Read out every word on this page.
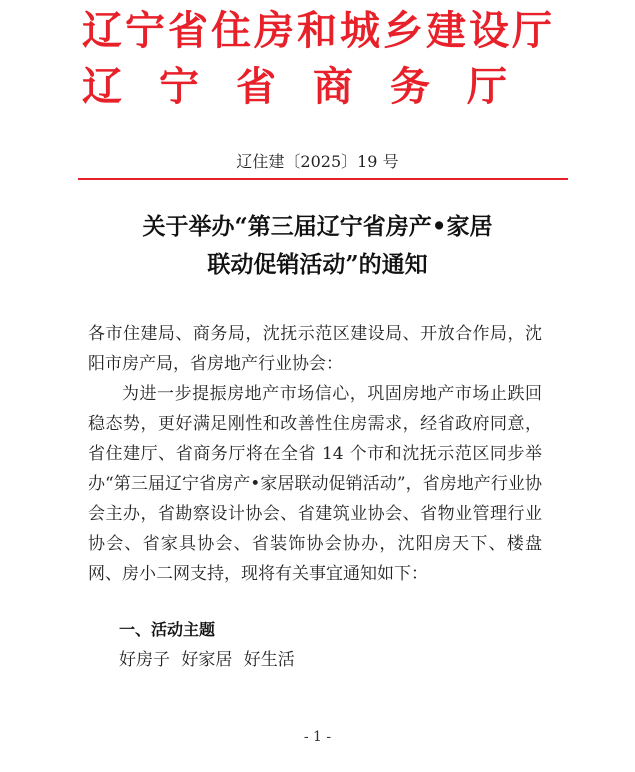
辽宁省住房和城乡建设厅
辽宁省商务厅
辽住建〔2025〕19 号
关于举办“第三届辽宁省房产•家居
联动促销活动”的通知
各市住建局、商务局，沈抚示范区建设局、开放合作局，沈阳市房产局，省房地产行业协会：
为进一步提振房地产市场信心，巩固房地产市场止跌回稳态势，更好满足刚性和改善性住房需求，经省政府同意，省住建厅、省商务厅将在全省 14 个市和沈抚示范区同步举办“第三届辽宁省房产•家居联动促销活动”，省房地产行业协会主办，省勘察设计协会、省建筑业协会、省物业管理行业协会、省家具协会、省装饰协会协办，沈阳房天下、楼盘网、房小二网支持，现将有关事宜通知如下：
一、活动主题
好房子 好家居 好生活
- 1 -
